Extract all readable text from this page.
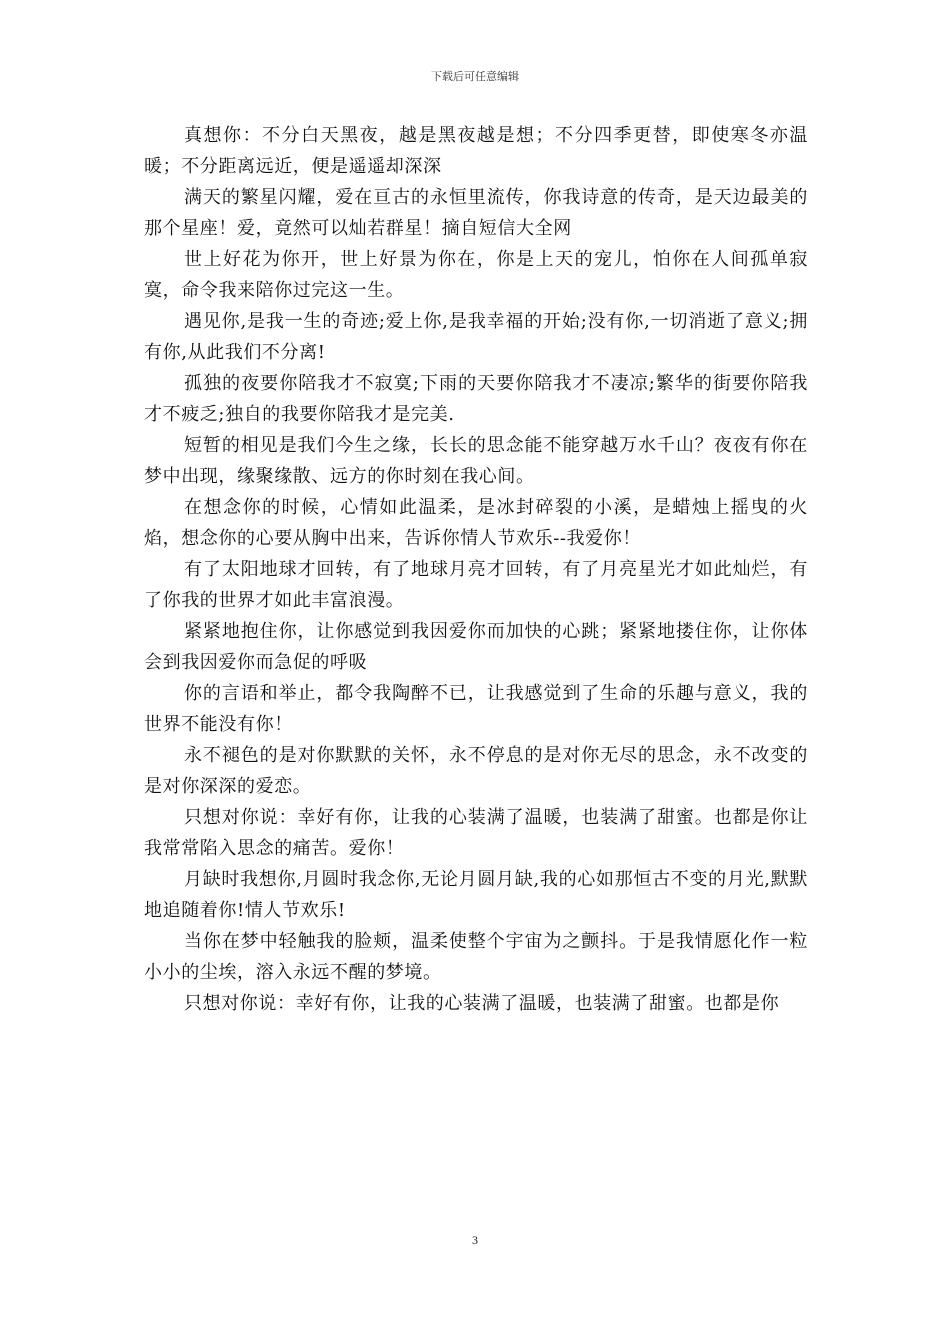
下载后可任意编辑

真想你：不分白天黑夜，越是黑夜越是想；不分四季更替，即使寒冬亦温暖；不分距离远近，便是遥遥却深深

满天的繁星闪耀，爱在亘古的永恒里流传，你我诗意的传奇，是天边最美的那个星座！爱，竟然可以灿若群星！摘自短信大全网

世上好花为你开，世上好景为你在，你是上天的宠儿，怕你在人间孤单寂寞，命令我来陪你过完这一生。

遇见你,是我一生的奇迹;爱上你,是我幸福的开始;没有你,一切消逝了意义;拥有你,从此我们不分离!

孤独的夜要你陪我才不寂寞;下雨的天要你陪我才不凄凉;繁华的街要你陪我才不疲乏;独自的我要你陪我才是完美.

短暂的相见是我们今生之缘，长长的思念能不能穿越万水千山？夜夜有你在梦中出现，缘聚缘散、远方的你时刻在我心间。

在想念你的时候，心情如此温柔，是冰封碎裂的小溪，是蜡烛上摇曳的火焰，想念你的心要从胸中出来，告诉你情人节欢乐--我爱你！

有了太阳地球才回转，有了地球月亮才回转，有了月亮星光才如此灿烂，有了你我的世界才如此丰富浪漫。

紧紧地抱住你，让你感觉到我因爱你而加快的心跳；紧紧地搂住你，让你体会到我因爱你而急促的呼吸

你的言语和举止，都令我陶醉不已，让我感觉到了生命的乐趣与意义，我的世界不能没有你！

永不褪色的是对你默默的关怀，永不停息的是对你无尽的思念，永不改变的是对你深深的爱恋。

只想对你说：幸好有你，让我的心装满了温暖，也装满了甜蜜。也都是你让我常常陷入思念的痛苦。爱你！

月缺时我想你,月圆时我念你,无论月圆月缺,我的心如那恒古不变的月光,默默地追随着你!情人节欢乐!

当你在梦中轻触我的脸颊，温柔使整个宇宙为之颤抖。于是我情愿化作一粒小小的尘埃，溶入永远不醒的梦境。

只想对你说：幸好有你，让我的心装满了温暖，也装满了甜蜜。也都是你

3
